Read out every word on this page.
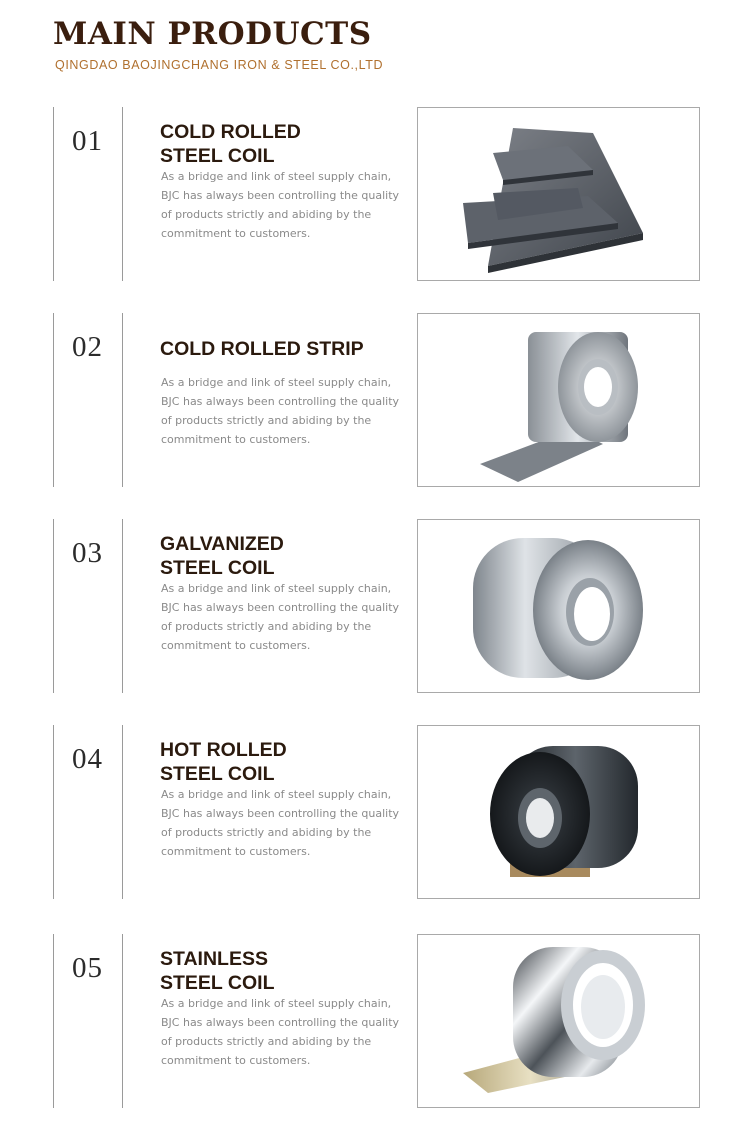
MAIN PRODUCTS
QINGDAO BAOJINGCHANG IRON & STEEL CO.,LTD
01	COLD ROLLED
STEEL COIL

As a bridge and link of steel supply chain, BJC has always been controlling the quality of products strictly and abiding by the commitment to customers.

02	COLD ROLLED STRIP

As a bridge and link of steel supply chain, BJC has always been controlling the quality of products strictly and abiding by the commitment to customers.

03	GALVANIZED
STEEL COIL

As a bridge and link of steel supply chain, BJC has always been controlling the quality of products strictly and abiding by the commitment to customers.

04	HOT ROLLED
STEEL COIL

As a bridge and link of steel supply chain, BJC has always been controlling the quality of products strictly and abiding by the commitment to customers.

05	STAINLESS
STEEL COIL

As a bridge and link of steel supply chain, BJC has always been controlling the quality of products strictly and abiding by the commitment to customers.
